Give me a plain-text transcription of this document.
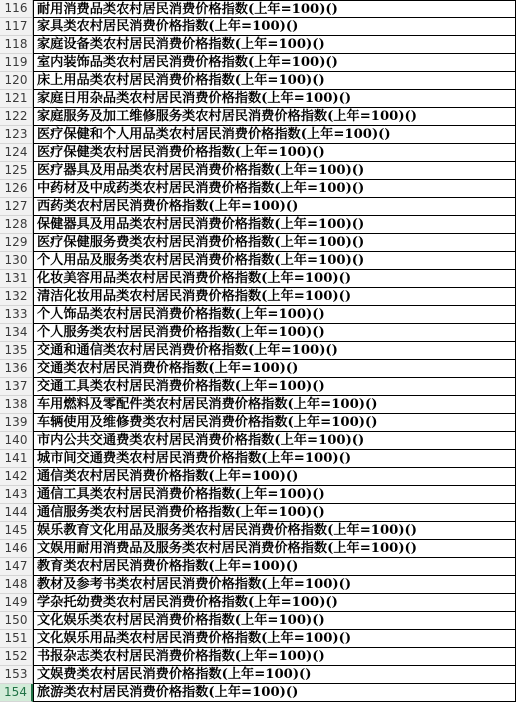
116 耐用消费品类农村居民消费价格指数(上年=100)()
117 家具类农村居民消费价格指数(上年=100)()
118 家庭设备类农村居民消费价格指数(上年=100)()
119 室内装饰品类农村居民消费价格指数(上年=100)()
120 床上用品类农村居民消费价格指数(上年=100)()
121 家庭日用杂品类农村居民消费价格指数(上年=100)()
122 家庭服务及加工维修服务类农村居民消费价格指数(上年=100)()
123 医疗保健和个人用品类农村居民消费价格指数(上年=100)()
124 医疗保健类农村居民消费价格指数(上年=100)()
125 医疗器具及用品类农村居民消费价格指数(上年=100)()
126 中药材及中成药类农村居民消费价格指数(上年=100)()
127 西药类农村居民消费价格指数(上年=100)()
128 保健器具及用品类农村居民消费价格指数(上年=100)()
129 医疗保健服务费类农村居民消费价格指数(上年=100)()
130 个人用品及服务类农村居民消费价格指数(上年=100)()
131 化妆美容用品类农村居民消费价格指数(上年=100)()
132 清洁化妆用品类农村居民消费价格指数(上年=100)()
133 个人饰品类农村居民消费价格指数(上年=100)()
134 个人服务类农村居民消费价格指数(上年=100)()
135 交通和通信类农村居民消费价格指数(上年=100)()
136 交通类农村居民消费价格指数(上年=100)()
137 交通工具类农村居民消费价格指数(上年=100)()
138 车用燃料及零配件类农村居民消费价格指数(上年=100)()
139 车辆使用及维修费类农村居民消费价格指数(上年=100)()
140 市内公共交通费类农村居民消费价格指数(上年=100)()
141 城市间交通费类农村居民消费价格指数(上年=100)()
142 通信类农村居民消费价格指数(上年=100)()
143 通信工具类农村居民消费价格指数(上年=100)()
144 通信服务类农村居民消费价格指数(上年=100)()
145 娱乐教育文化用品及服务类农村居民消费价格指数(上年=100)()
146 文娱用耐用消费品及服务类农村居民消费价格指数(上年=100)()
147 教育类农村居民消费价格指数(上年=100)()
148 教材及参考书类农村居民消费价格指数(上年=100)()
149 学杂托幼费类农村居民消费价格指数(上年=100)()
150 文化娱乐类农村居民消费价格指数(上年=100)()
151 文化娱乐用品类农村居民消费价格指数(上年=100)()
152 书报杂志类农村居民消费价格指数(上年=100)()
153 文娱费类农村居民消费价格指数(上年=100)()
154 旅游类农村居民消费价格指数(上年=100)()
